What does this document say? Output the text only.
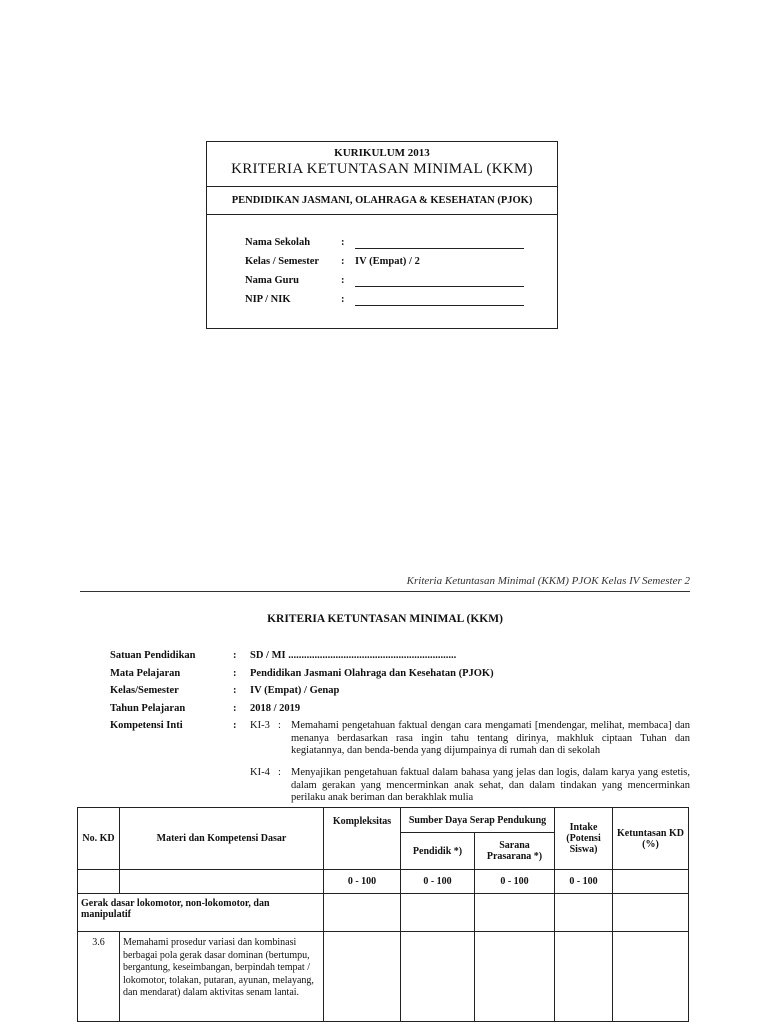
KURIKULUM 2013
KRITERIA KETUNTASAN MINIMAL (KKM)
PENDIDIKAN JASMANI, OLAHRAGA & KESEHATAN (PJOK)
Nama Sekolah	:
Kelas / Semester : IV (Empat) / 2
Nama Guru	:
NIP / NIK	:
Kriteria Ketuntasan Minimal (KKM) PJOK Kelas IV Semester 2
KRITERIA KETUNTASAN MINIMAL (KKM)
Satuan Pendidikan	: SD / MI ................................................................
Mata Pelajaran	: Pendidikan Jasmani Olahraga dan Kesehatan (PJOK)
Kelas/Semester	: IV (Empat) / Genap
Tahun Pelajaran	: 2018 / 2019
Kompetensi Inti	: KI-3 : Memahami pengetahuan faktual dengan cara mengamati [mendengar, melihat, membaca] dan menanya berdasarkan rasa ingin tahu tentang dirinya, makhluk ciptaan Tuhan dan kegiatannya, dan benda-benda yang dijumpainya di rumah dan di sekolah
KI-4 : Menyajikan pengetahuan faktual dalam bahasa yang jelas dan logis, dalam karya yang estetis, dalam gerakan yang mencerminkan anak sehat, dan dalam tindakan yang mencerminkan perilaku anak beriman dan berakhlak mulia
No. KD	Materi dan Kompetensi Dasar	Kompleksitas	Sumber Daya Serap Pendukung		Intake (Potensi Siswa)	Ketuntasan KD (%)
			Pendidik *)	Sarana Prasarana *)		
		0 - 100	0 - 100	0 - 100	0 - 100	
Gerak dasar lokomotor, non-lokomotor, dan manipulatif						
3.6	Memahami prosedur variasi dan kombinasi berbagai pola gerak dasar dominan (bertumpu, bergantung, keseimbangan, berpindah tempat / lokomotor, tolakan, putaran, ayunan, melayang, dan mendarat) dalam aktivitas senam lantai.					
